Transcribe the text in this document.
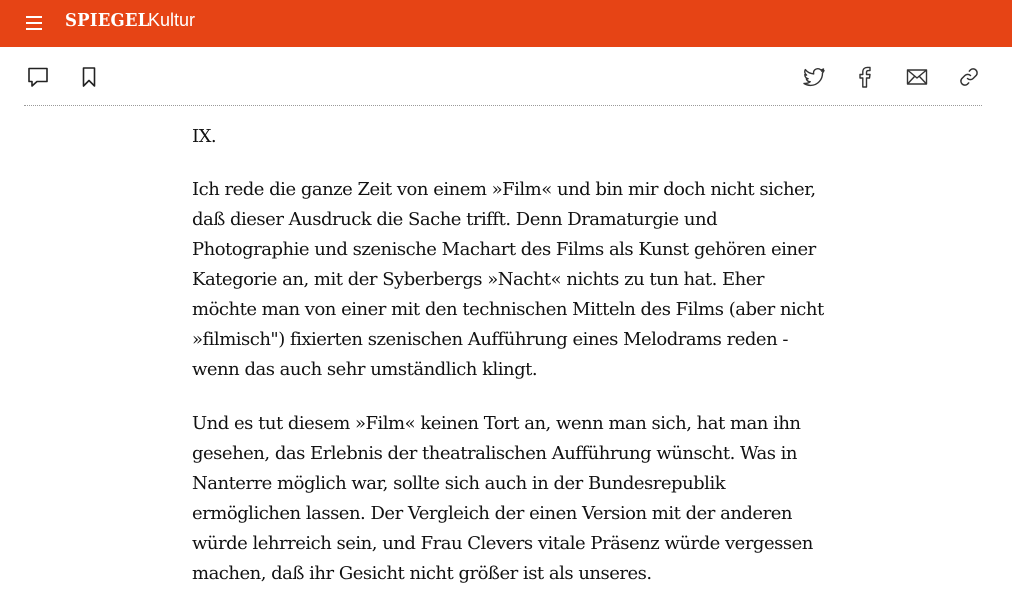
SPIEGEL
Kultur

IX.

Ich rede die ganze Zeit von einem »Film« und bin mir doch nicht sicher, daß dieser Ausdruck die Sache trifft. Denn Dramaturgie und Photographie und szenische Machart des Films als Kunst gehören einer Kategorie an, mit der Syberbergs »Nacht« nichts zu tun hat. Eher möchte man von einer mit den technischen Mitteln des Films (aber nicht »filmisch") fixierten szenischen Aufführung eines Melodrams reden - wenn das auch sehr umständlich klingt.

Und es tut diesem »Film« keinen Tort an, wenn man sich, hat man ihn gesehen, das Erlebnis der theatralischen Aufführung wünscht. Was in Nanterre möglich war, sollte sich auch in der Bundesrepublik ermöglichen lassen. Der Vergleich der einen Version mit der anderen würde lehrreich sein, und Frau Clevers vitale Präsenz würde vergessen machen, daß ihr Gesicht nicht größer ist als unseres.
